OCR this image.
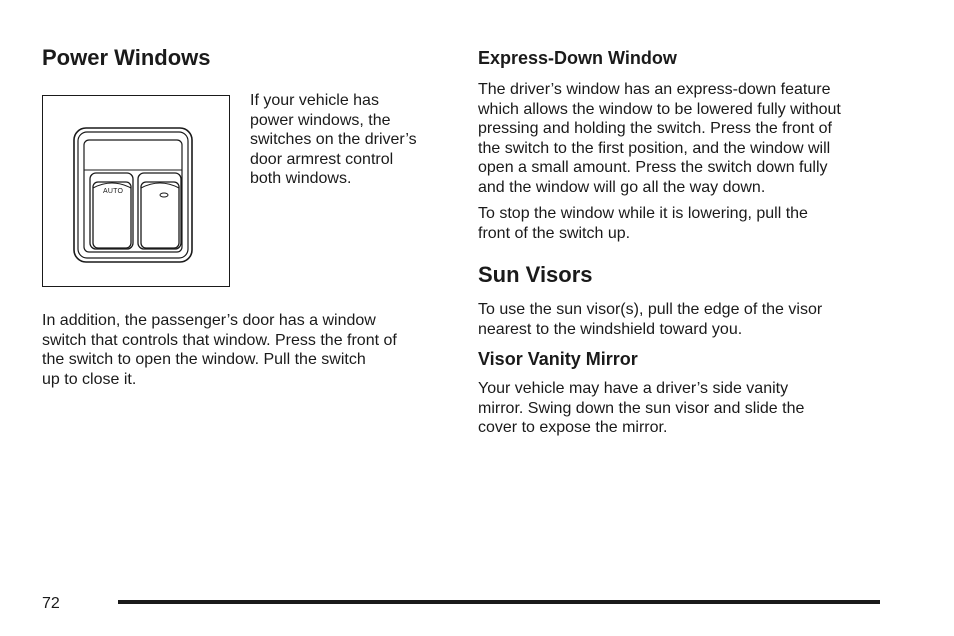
Power Windows
AUTO

If your vehicle has
power windows, the
switches on the driver’s
door armrest control
both windows.

In addition, the passenger’s door has a window
switch that controls that window. Press the front of
the switch to open the window. Pull the switch
up to close it.

Express-Down Window

The driver’s window has an express-down feature
which allows the window to be lowered fully without
pressing and holding the switch. Press the front of
the switch to the first position, and the window will
open a small amount. Press the switch down fully
and the window will go all the way down.

To stop the window while it is lowering, pull the
front of the switch up.

Sun Visors

To use the sun visor(s), pull the edge of the visor
nearest to the windshield toward you.

Visor Vanity Mirror

Your vehicle may have a driver’s side vanity
mirror. Swing down the sun visor and slide the
cover to expose the mirror.

72
